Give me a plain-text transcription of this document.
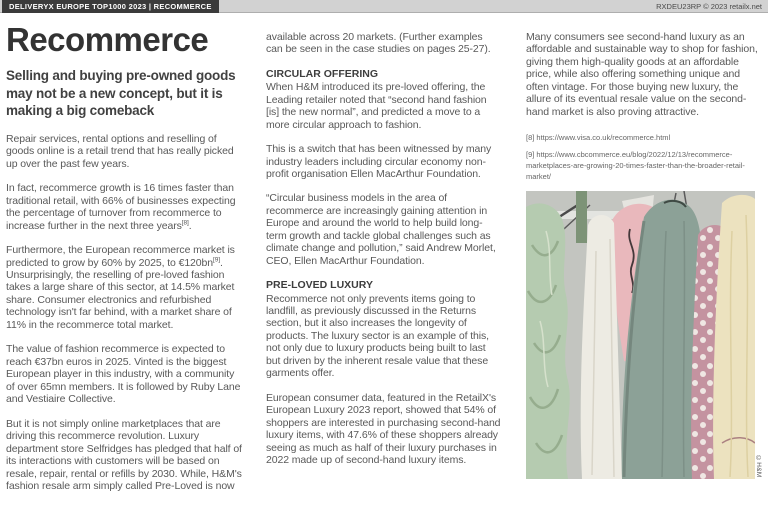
DELIVERYX EUROPE TOP1000 2023 | RECOMMERCE	RXDEU23RP © 2023 retailx.net
Recommerce

Selling and buying pre-owned goods may not be a new concept, but it is making a big comeback

Repair services, rental options and reselling of goods online is a retail trend that has really picked up over the past few years.

In fact, recommerce growth is 16 times faster than traditional retail, with 66% of businesses expecting the percentage of turnover from recommerce to increase further in the next three years[8].

Furthermore, the European recommerce market is predicted to grow by 60% by 2025, to €120bn[9]. Unsurprisingly, the reselling of pre-loved fashion takes a large share of this sector, at 14.5% market share. Consumer electronics and refurbished technology isn't far behind, with a market share of 11% in the recommerce total market.

The value of fashion recommerce is expected to reach €37bn euros in 2025. Vinted is the biggest European player in this industry, with a community of over 65mn members. It is followed by Ruby Lane and Vestiaire Collective.

But it is not simply online marketplaces that are driving this recommerce revolution. Luxury department store Selfridges has pledged that half of its interactions with customers will be based on resale, repair, rental or refills by 2030. While, H&M's fashion resale arm simply called Pre-Loved is now

available across 20 markets. (Further examples can be seen in the case studies on pages 25-27).

CIRCULAR OFFERING

When H&M introduced its pre-loved offering, the Leading retailer noted that “second hand fashion [is] the new normal”, and predicted a move to a more circular approach to fashion.

This is a switch that has been witnessed by many industry leaders including circular economy non-profit organisation Ellen MacArthur Foundation.

“Circular business models in the area of recommerce are increasingly gaining attention in Europe and around the world to help build long-term growth and tackle global challenges such as climate change and pollution,” said Andrew Morlet, CEO, Ellen MacArthur Foundation.

PRE-LOVED LUXURY

Recommerce not only prevents items going to landfill, as previously discussed in the Returns section, but it also increases the longevity of products. The luxury sector is an example of this, not only due to luxury products being built to last but driven by the inherent resale value that these garments offer.

European consumer data, featured in the RetailX's European Luxury 2023 report, showed that 54% of shoppers are interested in purchasing second-hand luxury items, with 47.6% of these shoppers already seeing as much as half of their luxury purchases in 2022 made up of second-hand luxury items.

Many consumers see second-hand luxury as an affordable and sustainable way to shop for fashion, giving them high-quality goods at an affordable price, while also offering something unique and often vintage. For those buying new luxury, the allure of its eventual resale value on the second-hand market is also proving attractive.

[8] https://www.visa.co.uk/recommerce.html

[9] https://www.cbcommerce.eu/blog/2022/12/13/recommerce-marketplaces-are-growing-20-times-faster-than-the-broader-retail-market/

©H&M
